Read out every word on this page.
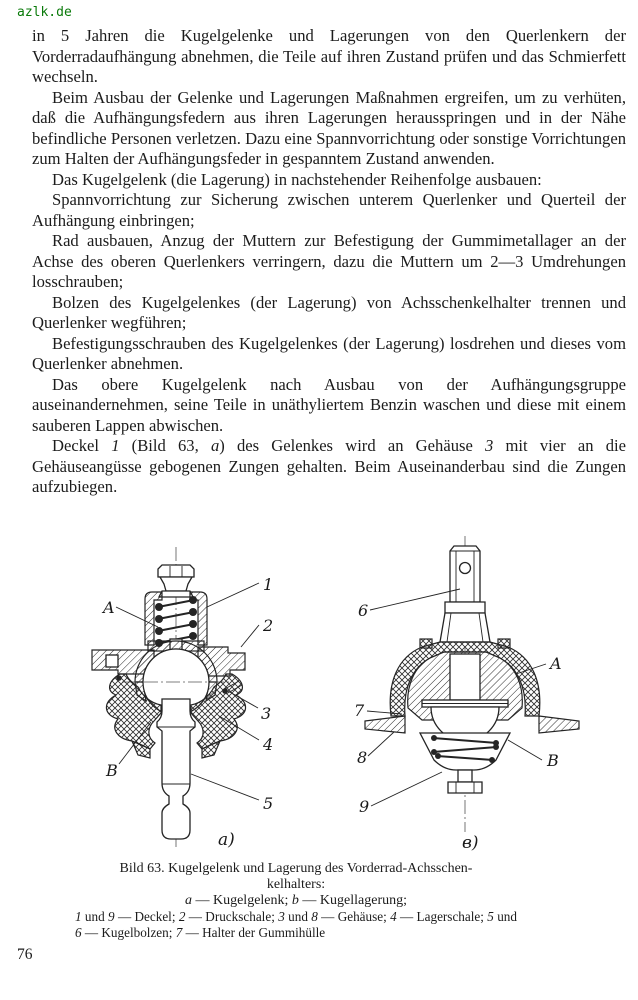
azlk.de

in 5 Jahren die Kugelgelenke und Lagerungen von den Querlenkern der Vorderradaufhängung abnehmen, die Teile auf ihren Zustand prüfen und das Schmierfett wechseln.

Beim Ausbau der Gelenke und Lagerungen Maßnahmen ergreifen, um zu verhüten, daß die Aufhängungsfedern aus ihren Lagerungen herausspringen und in der Nähe befindliche Personen verletzen. Dazu eine Spannvorrichtung oder sonstige Vorrichtungen zum Halten der Aufhängungsfeder in gespanntem Zustand anwenden.

Das Kugelgelenk (die Lagerung) in nachstehender Reihenfolge ausbauen:

Spannvorrichtung zur Sicherung zwischen unterem Querlenker und Querteil der Aufhängung einbringen;

Rad ausbauen, Anzug der Muttern zur Befestigung der Gummimetallager an der Achse des oberen Querlenkers verringern, dazu die Muttern um 2—3 Umdrehungen losschrauben;

Bolzen des Kugelgelenkes (der Lagerung) von Achsschenkelhalter trennen und Querlenker wegführen;

Befestigungsschrauben des Kugelgelenkes (der Lagerung) losdrehen und dieses vom Querlenker abnehmen.

Das obere Kugelgelenk nach Ausbau von der Aufhängungsgruppe auseinandernehmen, seine Teile in unäthyliertem Benzin waschen und diese mit einem sauberen Lappen abwischen.

Deckel 1 (Bild 63, a) des Gelenkes wird an Gehäuse 3 mit vier an die Gehäuseangüsse gebogenen Zungen gehalten. Beim Auseinanderbau sind die Zungen aufzubiegen.

A
1
2
3
4
B
5
a)
6
A
7
8	B
9
в)

Bild 63. Kugelgelenk und Lagerung des Vorderrad-Achsschen-

kelhalters:

a — Kugelgelenk; b — Kugellagerung;

1 und 9 — Deckel; 2 — Druckschale; 3 und 8 — Gehäuse; 4 — Lagerschale; 5 und 6 — Kugelbolzen; 7 — Halter der Gummihülle

76
